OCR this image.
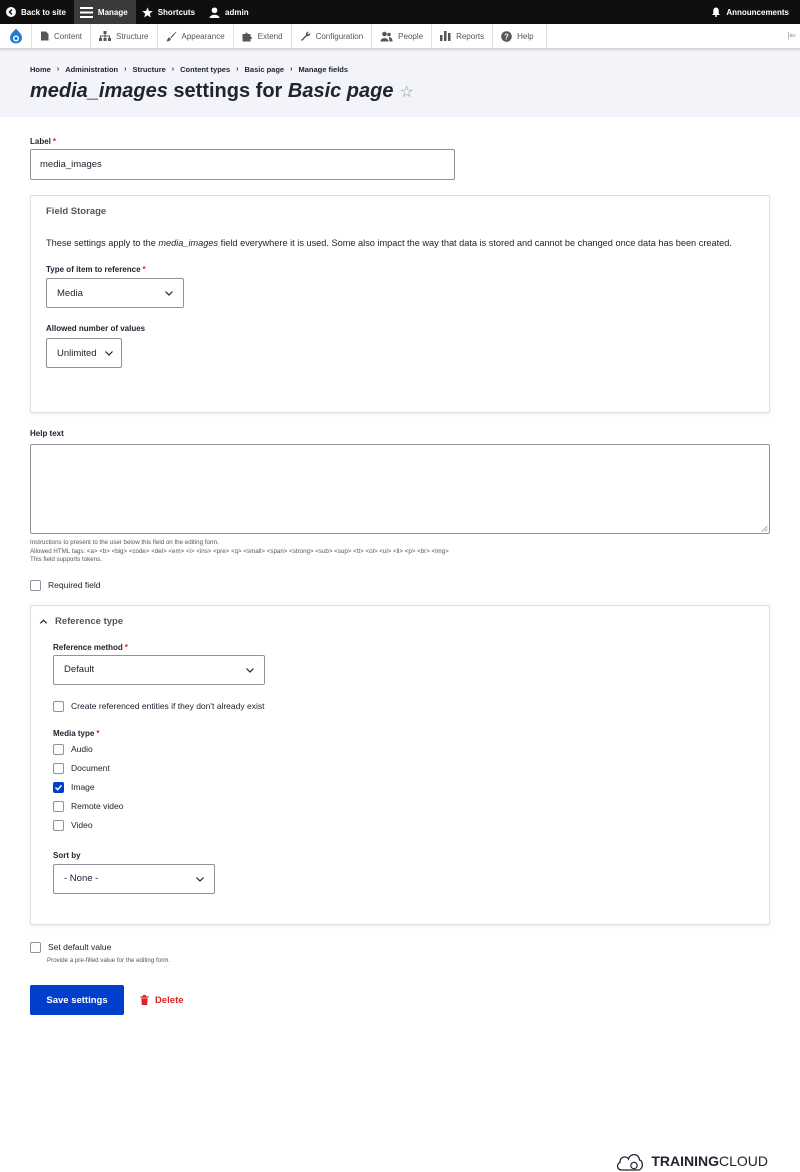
Back to site	Manage	Shortcuts	admin	Announcements
Content	Structure	Appearance	Extend	Configuration	People	Reports	? Help	|⇐
Home › Administration › Structure › Content types › Basic page › Manage fields
media_images settings for Basic page ☆
Label *
media_images
Field Storage

These settings apply to the media_images field everywhere it is used. Some also impact the way that data is stored and cannot be changed once data has been created.

Type of item to reference *
Media
Allowed number of values
Unlimited
Help text
Instructions to present to the user below this field on the editing form.
Allowed HTML tags: <a> <b> <big> <code> <del> <em> <i> <ins> <pre> <q> <small> <span> <strong> <sub> <sup> <tt> <ol> <ul> <li> <p> <br> <img>
This field supports tokens.
Required field
Reference type
Reference method *
Default
Create referenced entities if they don't already exist
Media type *
Audio
Document
Image
Remote video
Video
Sort by
- None -
Set default value
Provide a pre-filled value for the editing form.
Save settings	Delete
TRAININGCLOUD
